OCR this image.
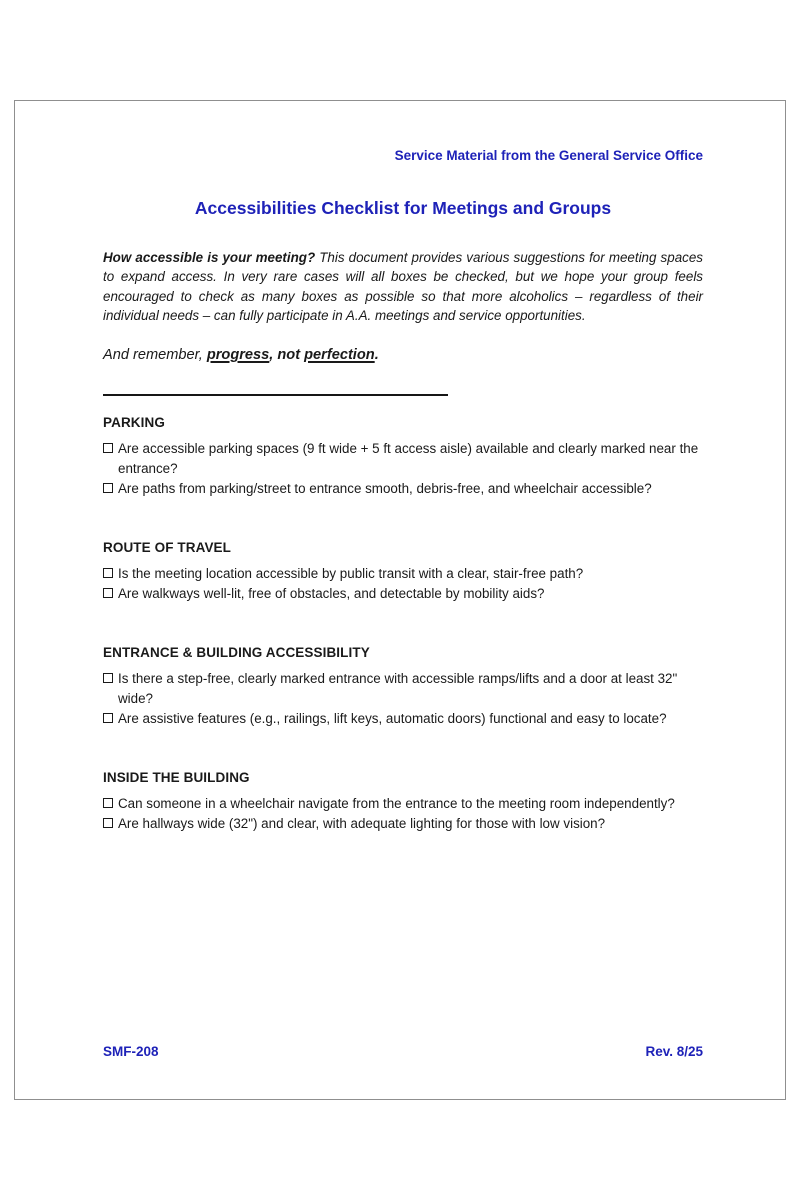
Service Material from the General Service Office
Accessibilities Checklist for Meetings and Groups

How accessible is your meeting? This document provides various suggestions for meeting spaces to expand access. In very rare cases will all boxes be checked, but we hope your group feels encouraged to check as many boxes as possible so that more alcoholics – regardless of their individual needs – can fully participate in A.A. meetings and service opportunities.

And remember, progress, not perfection.

PARKING
Are accessible parking spaces (9 ft wide + 5 ft access aisle) available and clearly marked near the entrance?
Are paths from parking/street to entrance smooth, debris-free, and wheelchair accessible?
ROUTE OF TRAVEL
Is the meeting location accessible by public transit with a clear, stair-free path?
Are walkways well-lit, free of obstacles, and detectable by mobility aids?
ENTRANCE & BUILDING ACCESSIBILITY
Is there a step-free, clearly marked entrance with accessible ramps/lifts and a door at least 32" wide?
Are assistive features (e.g., railings, lift keys, automatic doors) functional and easy to locate?
INSIDE THE BUILDING
Can someone in a wheelchair navigate from the entrance to the meeting room independently?
Are hallways wide (32") and clear, with adequate lighting for those with low vision?
SMF-208	Rev. 8/25
